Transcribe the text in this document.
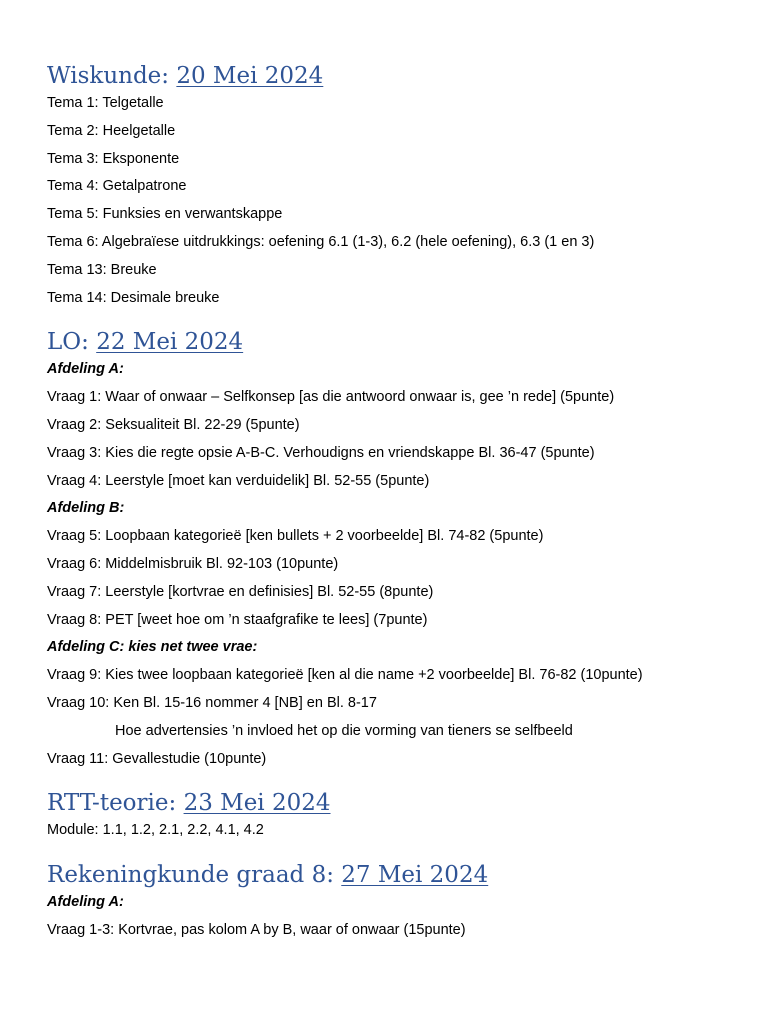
Wiskunde: 20 Mei 2024
Tema 1: Telgetalle
Tema 2: Heelgetalle
Tema 3: Eksponente
Tema 4: Getalpatrone
Tema 5: Funksies en verwantskappe
Tema 6: Algebraïese uitdrukkings: oefening 6.1 (1-3), 6.2 (hele oefening), 6.3 (1 en 3)
Tema 13: Breuke
Tema 14: Desimale breuke
LO: 22 Mei 2024
Afdeling A:
Vraag 1: Waar of onwaar – Selfkonsep [as die antwoord onwaar is, gee ’n rede] (5punte)
Vraag 2: Seksualiteit Bl. 22-29 (5punte)
Vraag 3: Kies die regte opsie A-B-C. Verhoudigns en vriendskappe Bl. 36-47 (5punte)
Vraag 4: Leerstyle [moet kan verduidelik] Bl. 52-55 (5punte)
Afdeling B:
Vraag 5: Loopbaan kategorieë [ken bullets + 2 voorbeelde] Bl. 74-82 (5punte)
Vraag 6: Middelmisbruik Bl. 92-103 (10punte)
Vraag 7: Leerstyle [kortvrae en definisies] Bl. 52-55 (8punte)
Vraag 8: PET [weet hoe om ’n staafgrafike te lees] (7punte)
Afdeling C: kies net twee vrae:
Vraag 9: Kies twee loopbaan kategorieë [ken al die name +2 voorbeelde] Bl. 76-82 (10punte)
Vraag 10: Ken Bl. 15-16 nommer 4 [NB] en Bl. 8-17
Hoe advertensies ’n invloed het op die vorming van tieners se selfbeeld
Vraag 11: Gevallestudie (10punte)
RTT-teorie: 23 Mei 2024
Module: 1.1, 1.2, 2.1, 2.2, 4.1, 4.2
Rekeningkunde graad 8: 27 Mei 2024
Afdeling A:
Vraag 1-3: Kortvrae, pas kolom A by B, waar of onwaar (15punte)
